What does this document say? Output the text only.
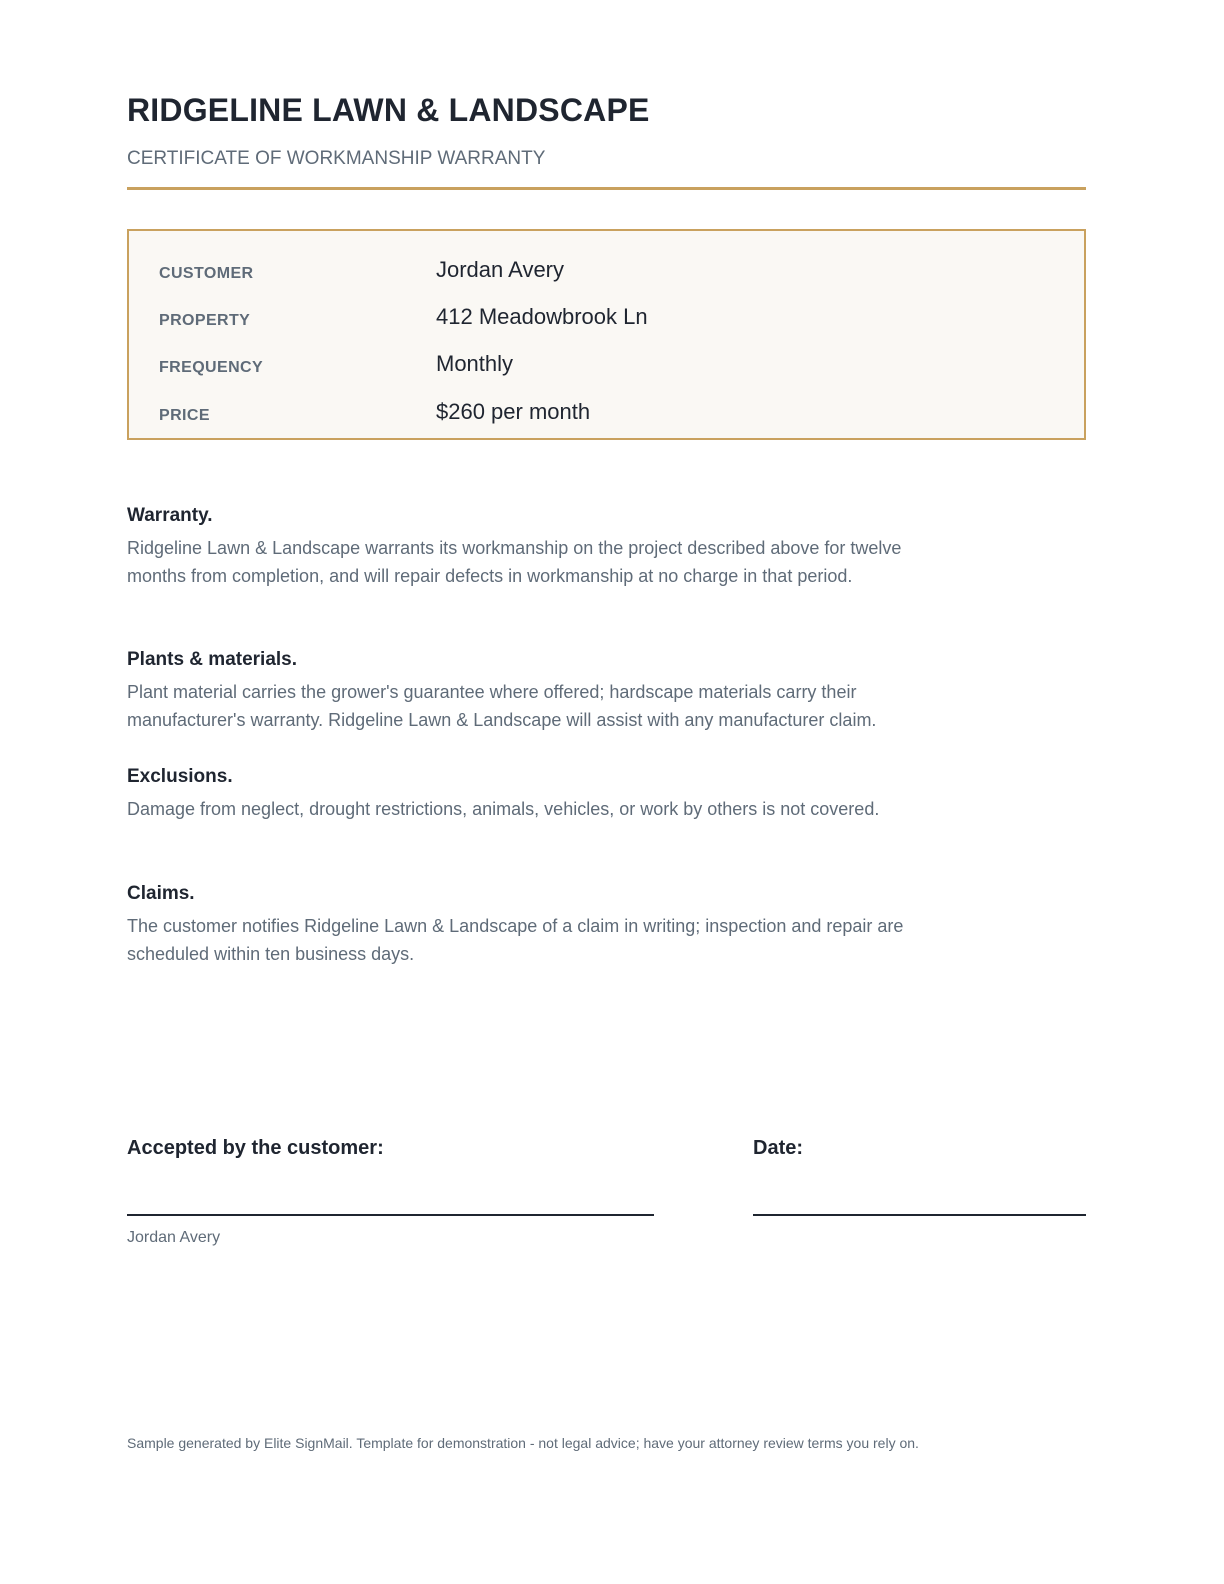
RIDGELINE LAWN & LANDSCAPE
CERTIFICATE OF WORKMANSHIP WARRANTY
CUSTOMER	Jordan Avery
PROPERTY	412 Meadowbrook Ln
FREQUENCY	Monthly
PRICE	$260 per month
Warranty.

Ridgeline Lawn & Landscape warrants its workmanship on the project described above for twelve months from completion, and will repair defects in workmanship at no charge in that period.

Plants & materials.

Plant material carries the grower's guarantee where offered; hardscape materials carry their manufacturer's warranty. Ridgeline Lawn & Landscape will assist with any manufacturer claim.

Exclusions.

Damage from neglect, drought restrictions, animals, vehicles, or work by others is not covered.

Claims.

The customer notifies Ridgeline Lawn & Landscape of a claim in writing; inspection and repair are scheduled within ten business days.

Accepted by the customer:	Date:
Jordan Avery
Sample generated by Elite SignMail. Template for demonstration - not legal advice; have your attorney review terms you rely on.
